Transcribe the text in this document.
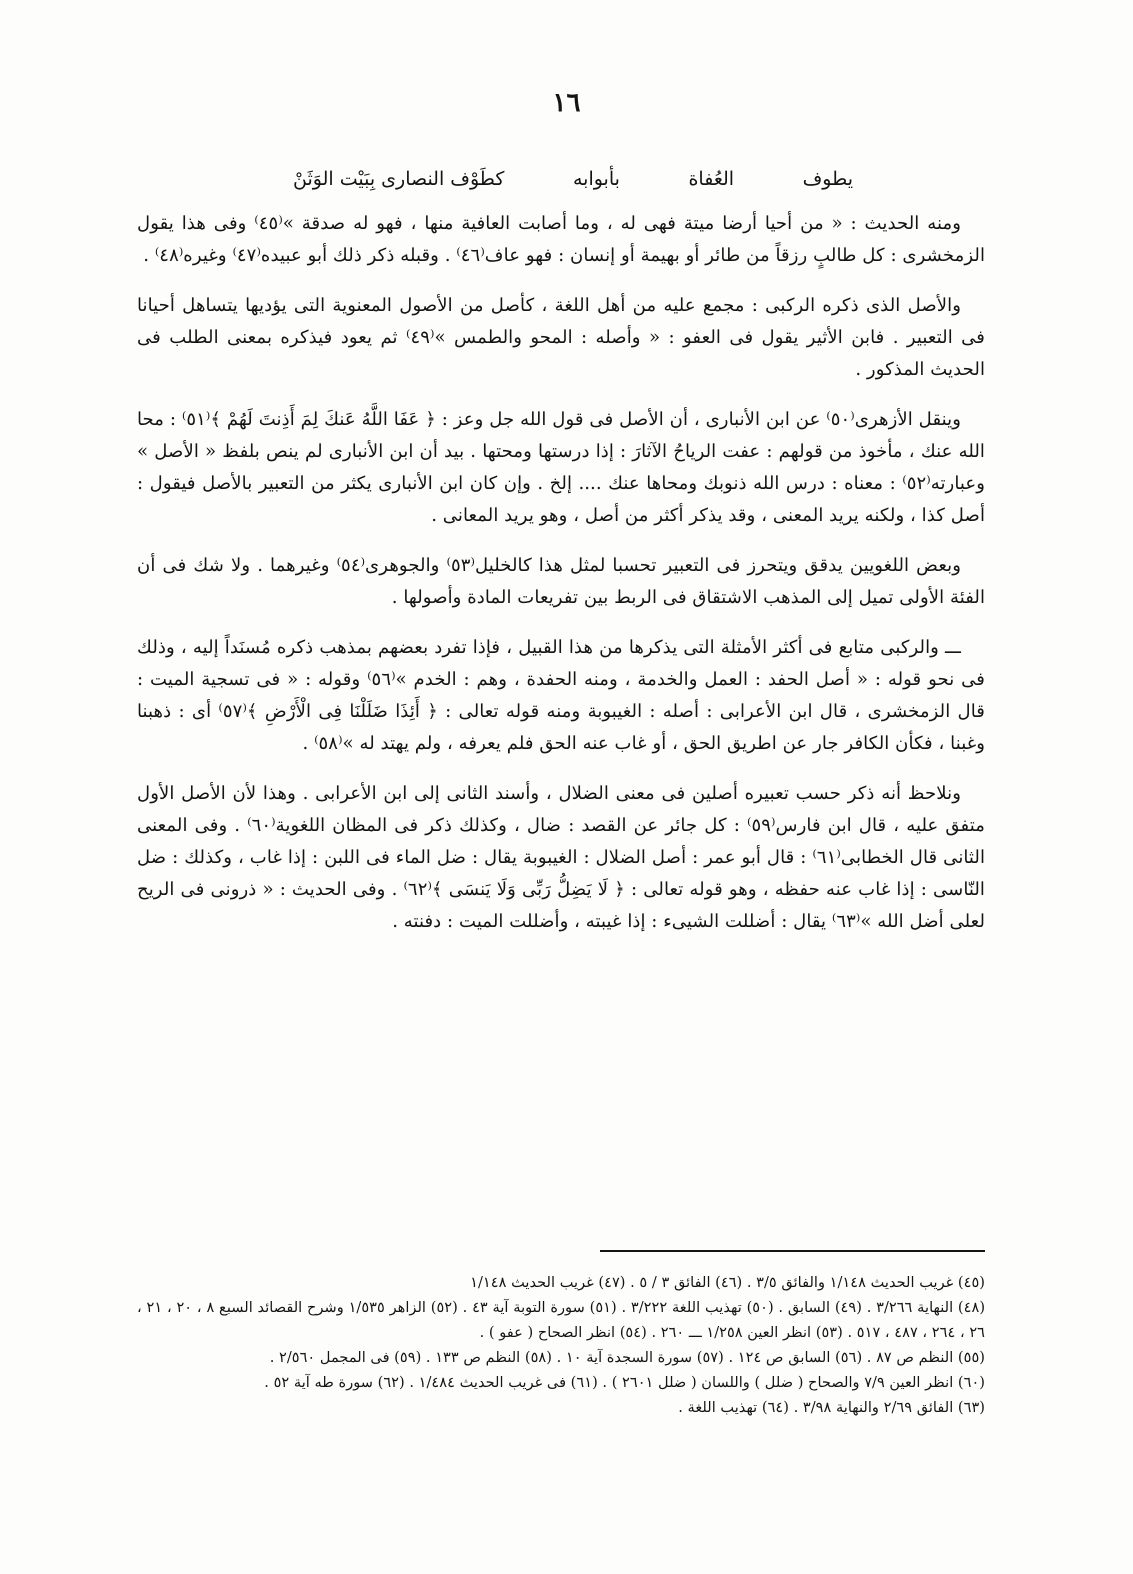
١٦
يطوف
العُفاة
بأبوابه
كطَوْف النصارى بِبَيْت الوَثَنْ

ومنه الحديث : « من أحيا أرضا ميتة فهى له ، وما أصابت العافية منها ، فهو له صدقة »⁽٤٥⁾ وفى هذا يقول الزمخشرى : كل طالبٍ رزقاً من طائر أو بهيمة أو إنسان : فهو عاف⁽٤٦⁾ . وقبله ذكر ذلك أبو عبيده⁽٤٧⁾ وغيره⁽٤٨⁾ .

والأصل الذى ذكره الركبى : مجمع عليه من أهل اللغة ، كأصل من الأصول المعنوية التى يؤديها يتساهل أحيانا فى التعبير . فابن الأثير يقول فى العفو : « وأصله : المحو والطمس »⁽٤٩⁾ ثم يعود فيذكره بمعنى الطلب فى الحديث المذكور .

وينقل الأزهرى⁽٥٠⁾ عن ابن الأنبارى ، أن الأصل فى قول الله جل وعز : ﴿ عَفَا اللَّهُ عَنكَ لِمَ أَذِنتَ لَهُمْ ﴾⁽٥١⁾ : محا الله عنك ، مأخوذ من قولهم : عفت الرياحُ الآثارَ : إذا درستها ومحتها . بيد أن ابن الأنبارى لم ينص بلفظ « الأصل » وعبارته⁽٥٢⁾ : معناه : درس الله ذنوبك ومحاها عنك .... إلخ . وإن كان ابن الأنبارى يكثر من التعبير بالأصل فيقول : أصل كذا ، ولكنه يريد المعنى ، وقد يذكر أكثر من أصل ، وهو يريد المعانى .

وبعض اللغويين يدقق ويتحرز فى التعبير تحسبا لمثل هذا كالخليل⁽٥٣⁾ والجوهرى⁽٥٤⁾ وغيرهما . ولا شك فى أن الفئة الأولى تميل إلى المذهب الاشتقاق فى الربط بين تفريعات المادة وأصولها .

ـــ والركبى متابع فى أكثر الأمثلة التى يذكرها من هذا القبيل ، فإذا تفرد بعضهم بمذهب ذكره مُسنَداً إليه ، وذلك فى نحو قوله : « أصل الحفد : العمل والخدمة ، ومنه الحفدة ، وهم : الخدم »⁽٥٦⁾ وقوله : « فى تسجية الميت : قال الزمخشرى ، قال ابن الأعرابى : أصله : الغيبوبة ومنه قوله تعالى : ﴿ أَئِذَا ضَلَلْنَا فِى الْأَرْضِ ﴾⁽٥٧⁾ أى : ذهبنا وغبنا ، فكأن الكافر جار عن اطريق الحق ، أو غاب عنه الحق فلم يعرفه ، ولم يهتد له »⁽٥٨⁾ .

ونلاحظ أنه ذكر حسب تعبيره أصلين فى معنى الضلال ، وأسند الثانى إلى ابن الأعرابى . وهذا لأن الأصل الأول متفق عليه ، قال ابن فارس⁽٥٩⁾ : كل جائر عن القصد : ضال ، وكذلك ذكر فى المظان اللغوية⁽٦٠⁾ . وفى المعنى الثانى قال الخطابى⁽٦١⁾ : قال أبو عمر : أصل الضلال : الغيبوبة يقال : ضل الماء فى اللبن : إذا غاب ، وكذلك : ضل النّاسى : إذا غاب عنه حفظه ، وهو قوله تعالى : ﴿ لَا يَضِلُّ رَبِّى وَلَا يَنسَى ﴾⁽٦٢⁾ . وفى الحديث : « ذرونى فى الريح لعلى أضل الله »⁽٦٣⁾ يقال : أضللت الشيىء : إذا غيبته ، وأضللت الميت : دفنته .

(٤٥) غريب الحديث ١/١٤٨ والفائق ٣/٥ . (٤٦) الفائق ٣ ‏/‏ ٥ . (٤٧) غريب الحديث ١/١٤٨

(٤٨) النهاية ٣/٢٦٦ . (٤٩) السابق . (٥٠) تهذيب اللغة ٣/٢٢٢ . (٥١) سورة التوبة آية ٤٣ . (٥٢) الزاهر ١/٥٣٥ وشرح القصائد السبع ٨ ، ٢٠ ، ٢١ ، ٢٦ ، ٢٦٤ ، ٤٨٧ ، ٥١٧ . (٥٣) انظر العين ١/٢٥٨ ـــ ٢٦٠ . (٥٤) انظر الصحاح ( عفو ) .

(٥٥) النظم ص ٨٧ . (٥٦) السابق ص ١٢٤ . (٥٧) سورة السجدة آية ١٠ . (٥٨) النظم ص ١٣٣ . (٥٩) فى المجمل ٢/٥٦٠ .

(٦٠) انظر العين ٧/٩ والصحاح ( ضلل ) واللسان ( ضلل ٢٦٠١ ) . (٦١) فى غريب الحديث ١/٤٨٤ . (٦٢) سورة طه آية ٥٢ .

(٦٣) الفائق ٢/٦٩ والنهاية ٣/٩٨ . (٦٤) تهذيب اللغة .
